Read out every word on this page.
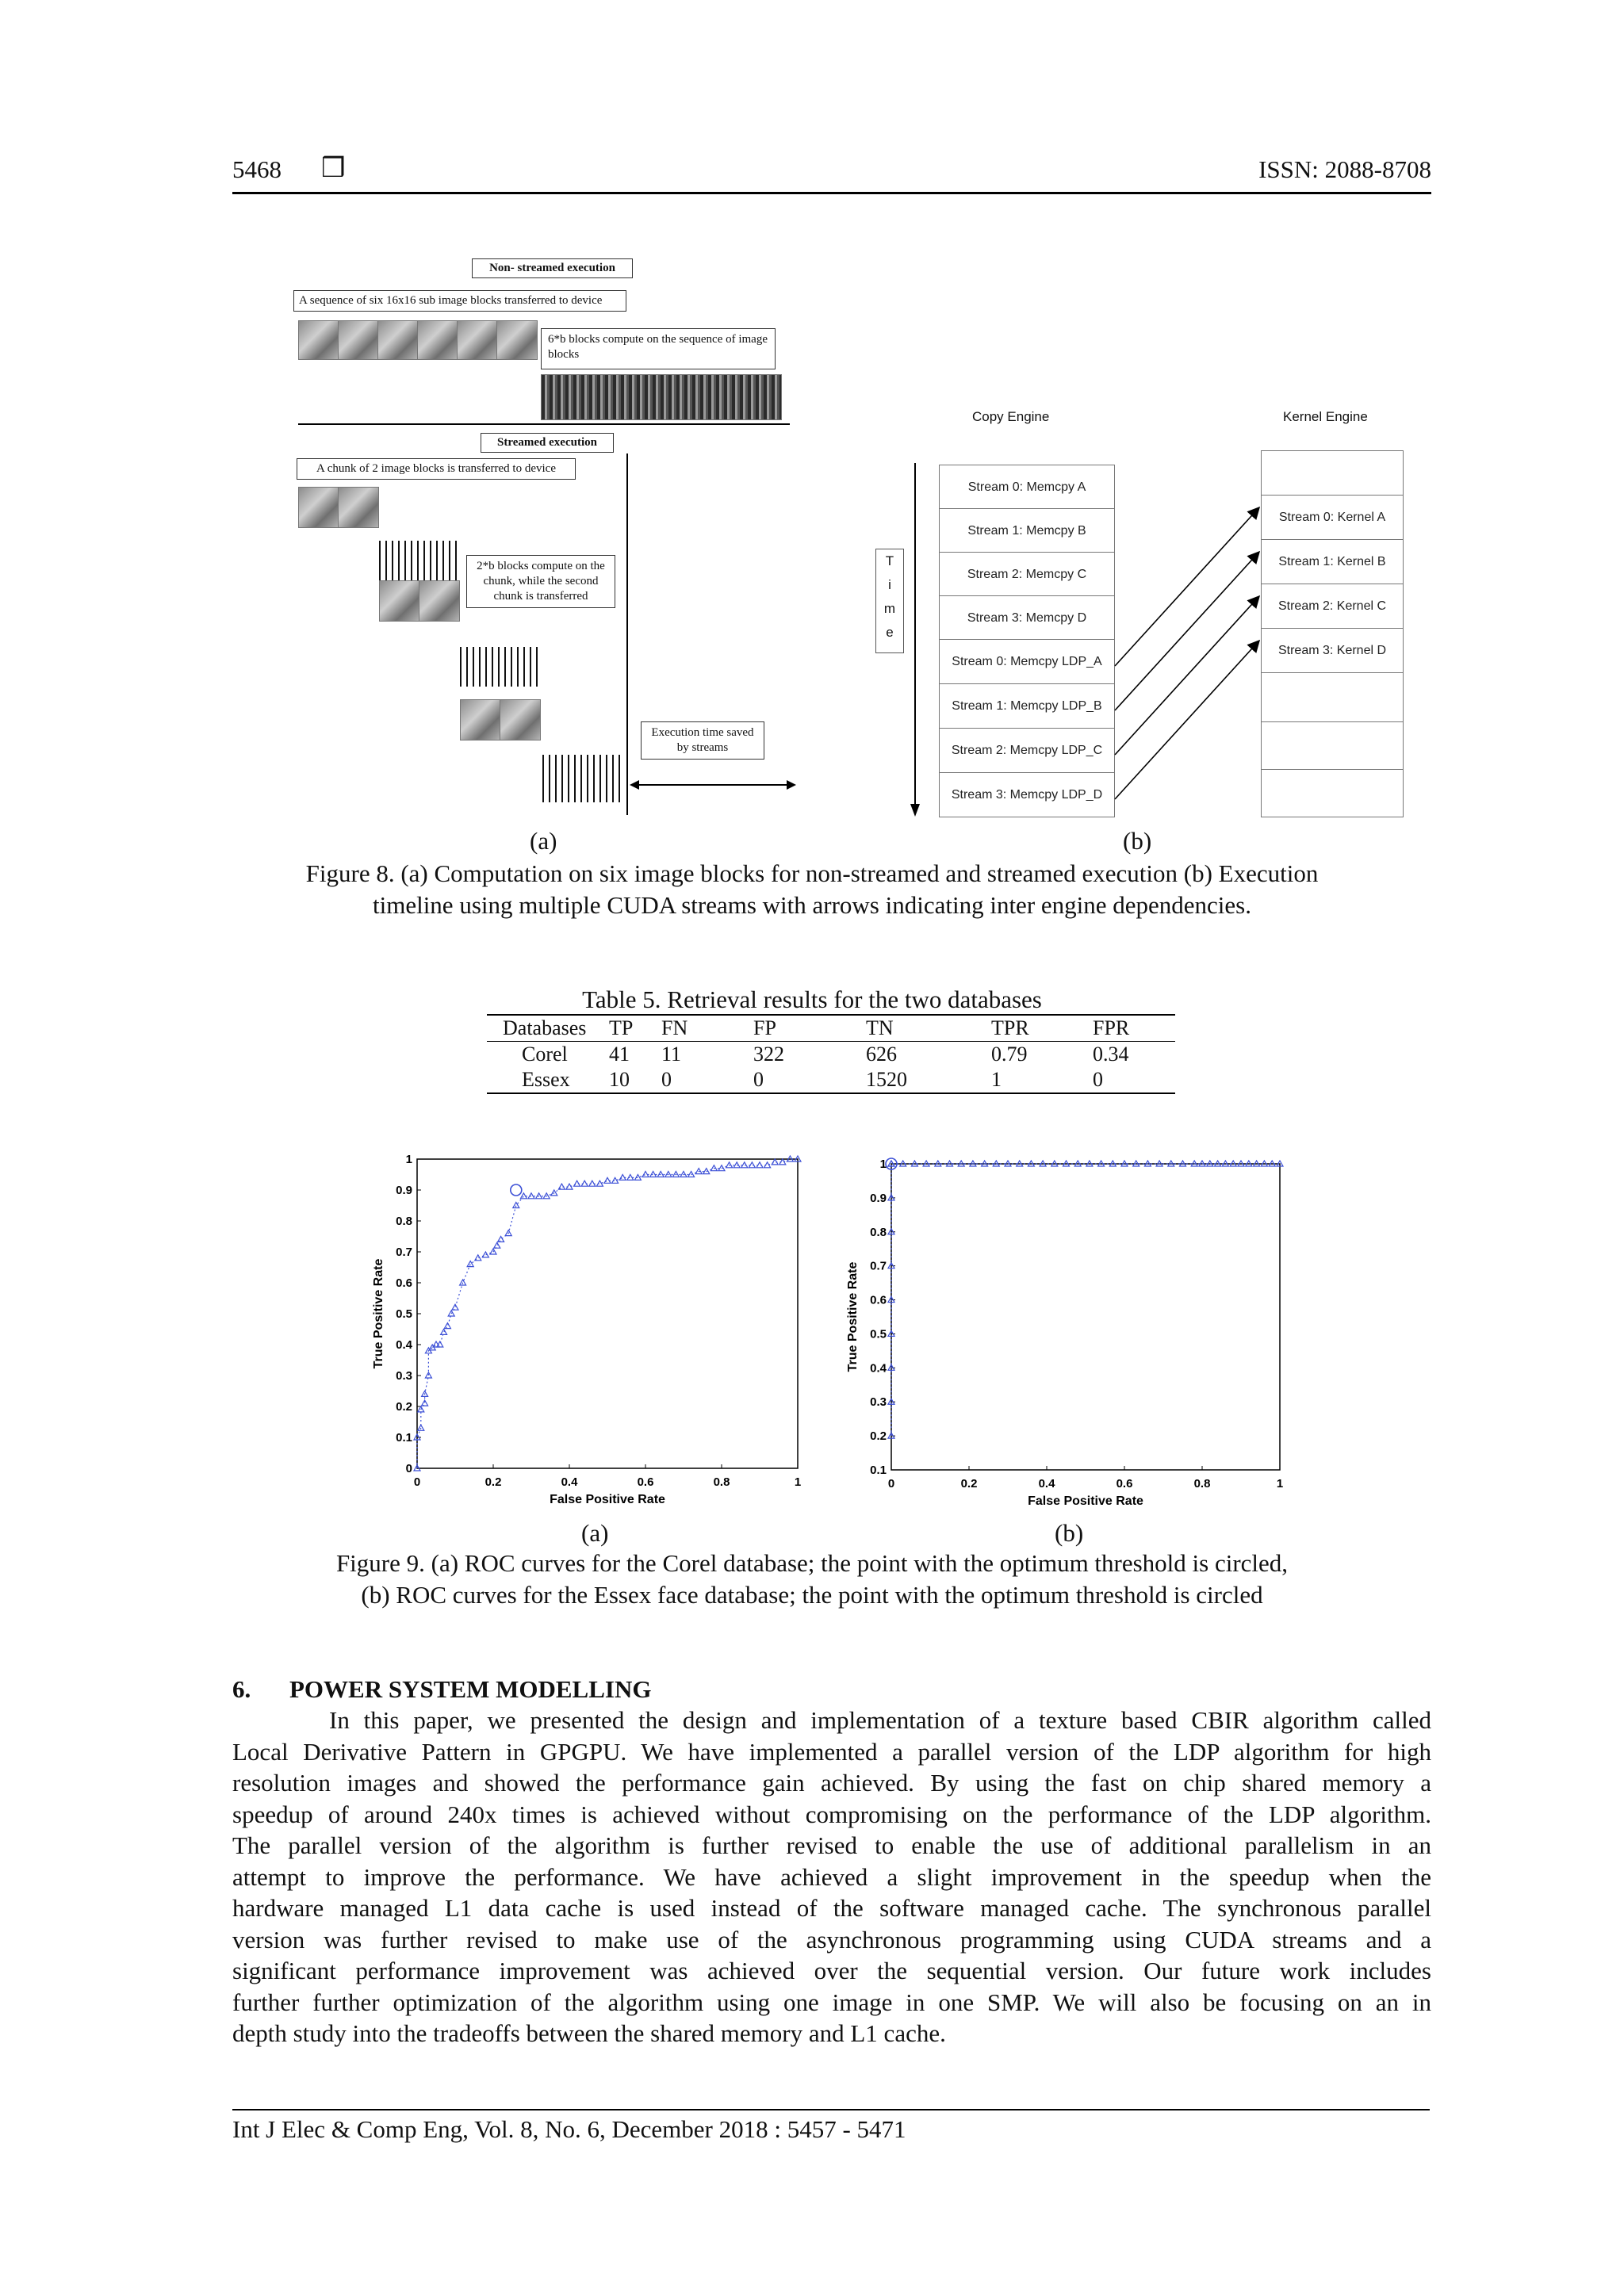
5468 ❒	ISSN: 2088-8708
Non- streamed execution
A sequence of six 16x16 sub image blocks transferred to device
6*b blocks compute on the sequence of image blocks
Streamed execution
A chunk of 2 image blocks is transferred to device
2*b blocks compute on the chunk, while the second chunk is transferred
Execution time saved by streams
Copy Engine	Kernel Engine
T
i
m
e
Stream 0: Memcpy A
Stream 1: Memcpy B
Stream 2: Memcpy C
Stream 3: Memcpy D
Stream 0: Memcpy LDP_A
Stream 1: Memcpy LDP_B
Stream 2: Memcpy LDP_C
Stream 3: Memcpy LDP_D
Stream 0: Kernel A
Stream 1: Kernel B
Stream 2: Kernel C
Stream 3: Kernel D
(a)	(b)
Figure 8. (a) Computation on six image blocks for non-streamed and streamed execution (b) Execution
timeline using multiple CUDA streams with arrows indicating inter engine dependencies.
Table 5. Retrieval results for the two databases
Databases	TP	FN	FP	TN	TPR	FPR
Corel	41	11	322	626	0.79	0.34
Essex	10	0	0	1520	1	0
0	0.2	0.4	0.6	0.8	1
0
0.1
0.2
0.3
0.4
0.5
0.6
0.7
0.8
0.9
1
False Positive Rate
True Positive Rate
0	0.2	0.4	0.6	0.8	1
0.1
0.2
0.3
0.4
0.5
0.6
0.7
0.8
0.9
1
False Positive Rate
True Positive Rate
(a)	(b)
Figure 9. (a) ROC curves for the Corel database; the point with the optimum threshold is circled,
(b) ROC curves for the Essex face database; the point with the optimum threshold is circled
6. POWER SYSTEM MODELLING
In this paper, we presented the design and implementation of a texture based CBIR algorithm called
Local Derivative Pattern in GPGPU. We have implemented a parallel version of the LDP algorithm for high
resolution images and showed the performance gain achieved. By using the fast on chip shared memory a
speedup of around 240x times is achieved without compromising on the performance of the LDP algorithm.
The parallel version of the algorithm is further revised to enable the use of additional parallelism in an
attempt to improve the performance. We have achieved a slight improvement in the speedup when the
hardware managed L1 data cache is used instead of the software managed cache. The synchronous parallel
version was further revised to make use of the asynchronous programming using CUDA streams and a
significant performance improvement was achieved over the sequential version. Our future work includes
further further optimization of the algorithm using one image in one SMP. We will also be focusing on an in
depth study into the tradeoffs between the shared memory and L1 cache.
Int J Elec & Comp Eng, Vol. 8, No. 6, December 2018 : 5457 - 5471
